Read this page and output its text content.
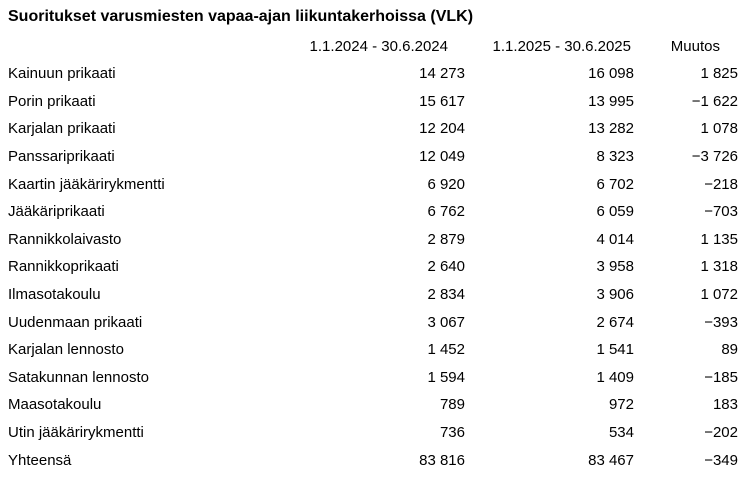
Suoritukset varusmiesten vapaa-ajan liikuntakerhoissa (VLK)
	1.1.2024 - 30.6.2024	1.1.2025 - 30.6.2025	Muutos
Kainuun prikaati	14 273	16 098	1 825
Porin prikaati	15 617	13 995	−1 622
Karjalan prikaati	12 204	13 282	1 078
Panssariprikaati	12 049	8 323	−3 726
Kaartin jääkärirykmentti	6 920	6 702	−218
Jääkäriprikaati	6 762	6 059	−703
Rannikkolaivasto	2 879	4 014	1 135
Rannikkoprikaati	2 640	3 958	1 318
Ilmasotakoulu	2 834	3 906	1 072
Uudenmaan prikaati	3 067	2 674	−393
Karjalan lennosto	1 452	1 541	89
Satakunnan lennosto	1 594	1 409	−185
Maasotakoulu	789	972	183
Utin jääkärirykmentti	736	534	−202
Yhteensä	83 816	83 467	−349
